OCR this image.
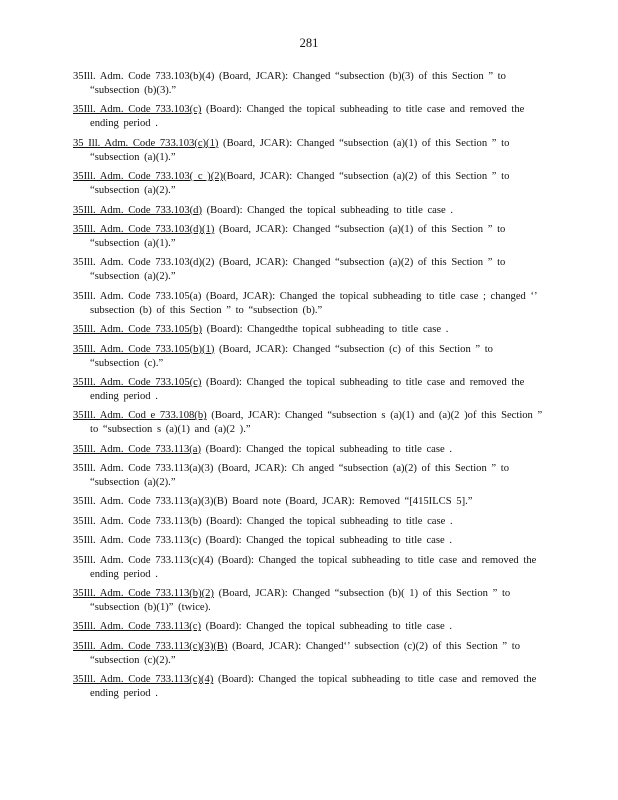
281

35Ill. Adm. Code 733.103(b)(4) (Board, JCAR): Changed “subsection (b)(3) of this Section ” to “subsection (b)(3).”

35Ill. Adm. Code 733.103(c) (Board): Changed the topical subheading to title case and removed the ending period .

35 Ill. Adm. Code 733.103(c)(1) (Board, JCAR): Changed “subsection (a)(1) of this Section ” to “subsection (a)(1).”

35Ill. Adm. Code 733.103( c )(2)(Board, JCAR): Changed “subsection (a)(2) of this Section ” to “subsection (a)(2).”

35Ill. Adm. Code 733.103(d) (Board): Changed the topical subheading to title case .

35Ill. Adm. Code 733.103(d)(1) (Board, JCAR): Changed “subsection (a)(1) of this Section ” to “subsection (a)(1).”

35Ill. Adm. Code 733.103(d)(2) (Board, JCAR): Changed “subsection (a)(2) of this Section ” to “subsection (a)(2).”

35Ill. Adm. Code 733.105(a) (Board, JCAR): Changed the topical subheading to title case ; changed ‘’ subsection (b) of this Section ” to “subsection (b).”

35Ill. Adm. Code 733.105(b) (Board): Changedthe topical subheading to title case .

35Ill. Adm. Code 733.105(b)(1) (Board, JCAR): Changed “subsection (c) of this Section ” to “subsection (c).”

35Ill. Adm. Code 733.105(c) (Board): Changed the topical subheading to title case and removed the ending period .

35Ill. Adm. Cod e 733.108(b) (Board, JCAR): Changed “subsection s (a)(1) and (a)(2 )of this Section ” to “subsection s (a)(1) and (a)(2 ).”

35Ill. Adm. Code 733.113(a) (Board): Changed the topical subheading to title case .

35Ill. Adm. Code 733.113(a)(3) (Board, JCAR): Ch anged “subsection (a)(2) of this Section ” to “subsection (a)(2).”

35Ill. Adm. Code 733.113(a)(3)(B) Board note (Board, JCAR): Removed “[415ILCS 5].”

35Ill. Adm. Code 733.113(b) (Board): Changed the topical subheading to title case .

35Ill. Adm. Code 733.113(c) (Board): Changed the topical subheading to title case .

35Ill. Adm. Code 733.113(c)(4) (Board): Changed the topical subheading to title case and removed the ending period .

35Ill. Adm. Code 733.113(b)(2) (Board, JCAR): Changed “subsection (b)( 1) of this Section ” to “subsection (b)(1)” (twice).

35Ill. Adm. Code 733.113(c) (Board): Changed the topical subheading to title case .

35Ill. Adm. Code 733.113(c)(3)(B) (Board, JCAR): Changed‘’ subsection (c)(2) of this Section ” to “subsection (c)(2).”

35Ill. Adm. Code 733.113(c)(4) (Board): Changed the topical subheading to title case and removed the ending period .
